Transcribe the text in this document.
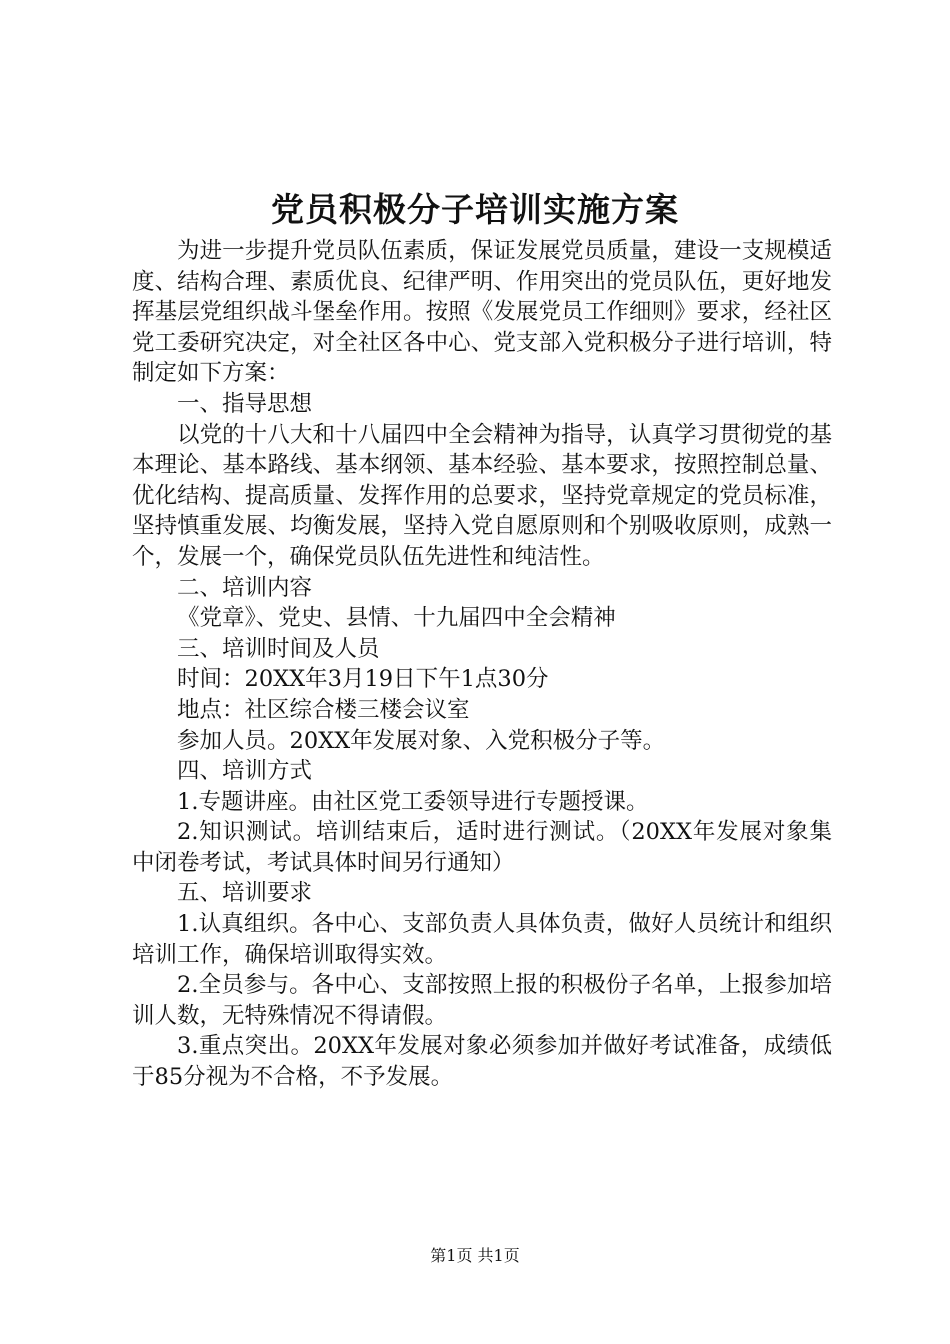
党员积极分子培训实施方案

为进一步提升党员队伍素质，保证发展党员质量，建设一支规模适度、结构合理、素质优良、纪律严明、作用突出的党员队伍，更好地发挥基层党组织战斗堡垒作用。按照《发展党员工作细则》要求，经社区党工委研究决定，对全社区各中心、党支部入党积极分子进行培训，特制定如下方案：

一、指导思想

以党的十八大和十八届四中全会精神为指导，认真学习贯彻党的基本理论、基本路线、基本纲领、基本经验、基本要求，按照控制总量、优化结构、提高质量、发挥作用的总要求，坚持党章规定的党员标准，坚持慎重发展、均衡发展，坚持入党自愿原则和个别吸收原则，成熟一个，发展一个，确保党员队伍先进性和纯洁性。

二、培训内容

《党章》、党史、县情、十九届四中全会精神

三、培训时间及人员

时间：20XX年3月19日下午1点30分

地点：社区综合楼三楼会议室

参加人员。20XX年发展对象、入党积极分子等。

四、培训方式

1.专题讲座。由社区党工委领导进行专题授课。

2.知识测试。培训结束后，适时进行测试。（20XX年发展对象集中闭卷考试，考试具体时间另行通知）

五、培训要求

1.认真组织。各中心、支部负责人具体负责，做好人员统计和组织培训工作，确保培训取得实效。

2.全员参与。各中心、支部按照上报的积极份子名单，上报参加培训人数，无特殊情况不得请假。

3.重点突出。20XX年发展对象必须参加并做好考试准备，成绩低于85分视为不合格，不予发展。

第1页 共1页
